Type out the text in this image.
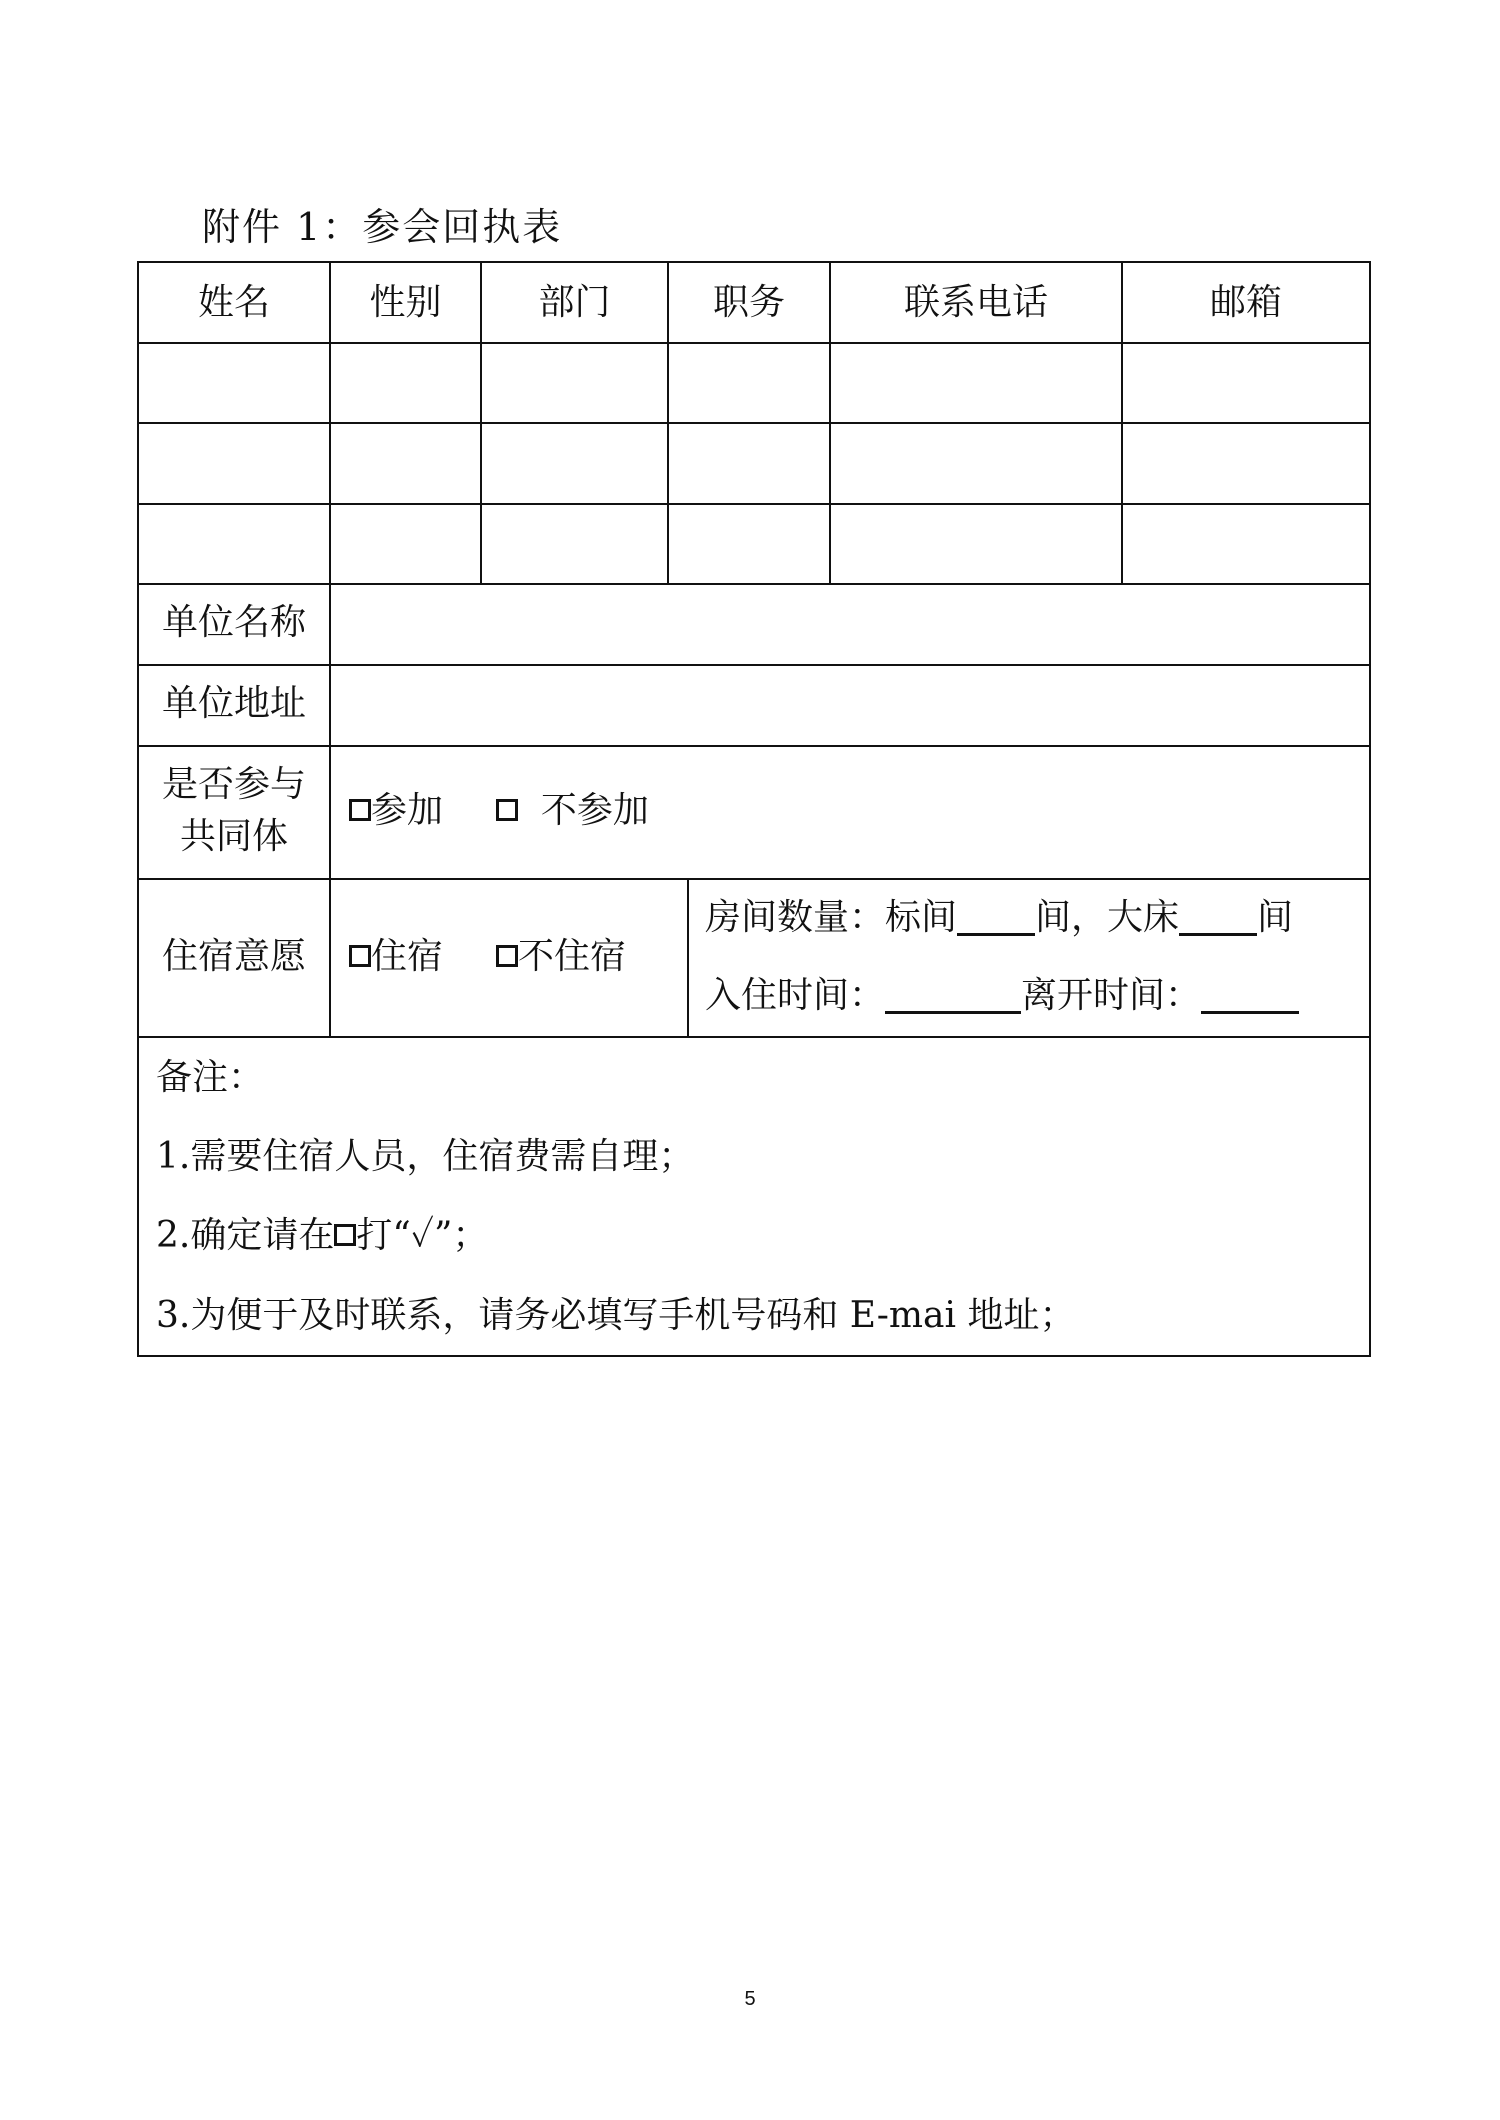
附件 1：参会回执表
姓名	性别	部门	职务	联系电话	邮箱
单位名称
单位地址
是否参与
共同体
参加	不参加
住宿意愿	住宿	不住宿
房间数量：标间 间，大床 间
入住时间：	离开时间：
备注：
1.需要住宿人员，住宿费需自理；
2.确定请在 打“✓”；
3.为便于及时联系，请务必填写手机号码和 E-mai 地址；
5
